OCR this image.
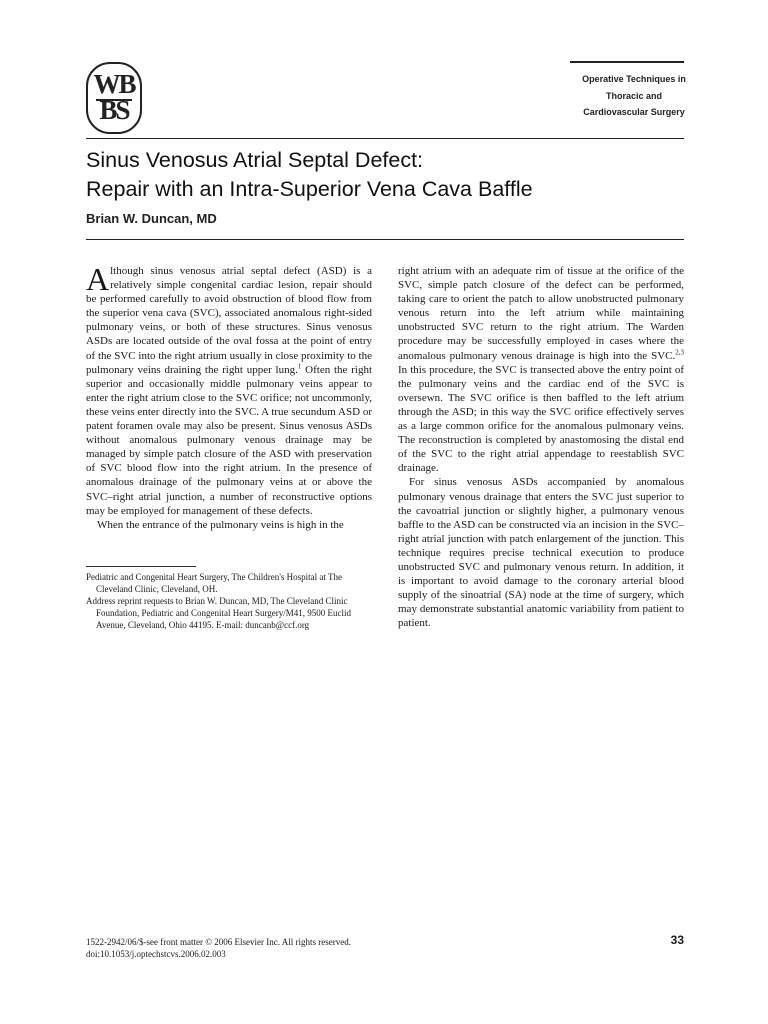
WB
BS
Operative Techniques in
Thoracic and
Cardiovascular Surgery
Sinus Venosus Atrial Septal Defect:
Repair with an Intra-Superior Vena Cava Baffle
Brian W. Duncan, MD

Although sinus venosus atrial septal defect (ASD) is a relatively simple congenital cardiac lesion, repair should be performed carefully to avoid obstruction of blood flow from the superior vena cava (SVC), associated anomalous right-sided pulmonary veins, or both of these structures. Sinus venosus ASDs are located outside of the oval fossa at the point of entry of the SVC into the right atrium usually in close proximity to the pulmonary veins draining the right upper lung.$^1$ Often the right superior and occasionally middle pulmonary veins appear to enter the right atrium close to the SVC orifice; not uncommonly, these veins enter directly into the SVC. A true secundum ASD or patent foramen ovale may also be present. Sinus venosus ASDs without anomalous pulmonary venous drainage may be managed by simple patch closure of the ASD with preservation of SVC blood flow into the right atrium. In the presence of anomalous drainage of the pulmonary veins at or above the SVC–right atrial junction, a number of reconstructive options may be employed for management of these defects.

When the entrance of the pulmonary veins is high in the

right atrium with an adequate rim of tissue at the orifice of the SVC, simple patch closure of the defect can be performed, taking care to orient the patch to allow unobstructed pulmonary venous return into the left atrium while maintaining unobstructed SVC return to the right atrium. The Warden procedure may be successfully employed in cases where the anomalous pulmonary venous drainage is high into the SVC.$^{2,3}$ In this procedure, the SVC is transected above the entry point of the pulmonary veins and the cardiac end of the SVC is oversewn. The SVC orifice is then baffled to the left atrium through the ASD; in this way the SVC orifice effectively serves as a large common orifice for the anomalous pulmonary veins. The reconstruction is completed by anastomosing the distal end of the SVC to the right atrial appendage to reestablish SVC drainage.

For sinus venosus ASDs accompanied by anomalous pulmonary venous drainage that enters the SVC just superior to the cavoatrial junction or slightly higher, a pulmonary venous baffle to the ASD can be constructed via an incision in the SVC–right atrial junction with patch enlargement of the junction. This technique requires precise technical execution to produce unobstructed SVC and pulmonary venous return. In addition, it is important to avoid damage to the coronary arterial blood supply of the sinoatrial (SA) node at the time of surgery, which may demonstrate substantial anatomic variability from patient to patient.

Pediatric and Congenital Heart Surgery, The Children's Hospital at The Cleveland Clinic, Cleveland, OH.

Address reprint requests to Brian W. Duncan, MD, The Cleveland Clinic Foundation, Pediatric and Congenital Heart Surgery/M41, 9500 Euclid Avenue, Cleveland, Ohio 44195. E-mail: duncanb@ccf.org

1522-2942/06/$-see front matter © 2006 Elsevier Inc. All rights reserved.
doi:10.1053/j.optechstcvs.2006.02.003
33
